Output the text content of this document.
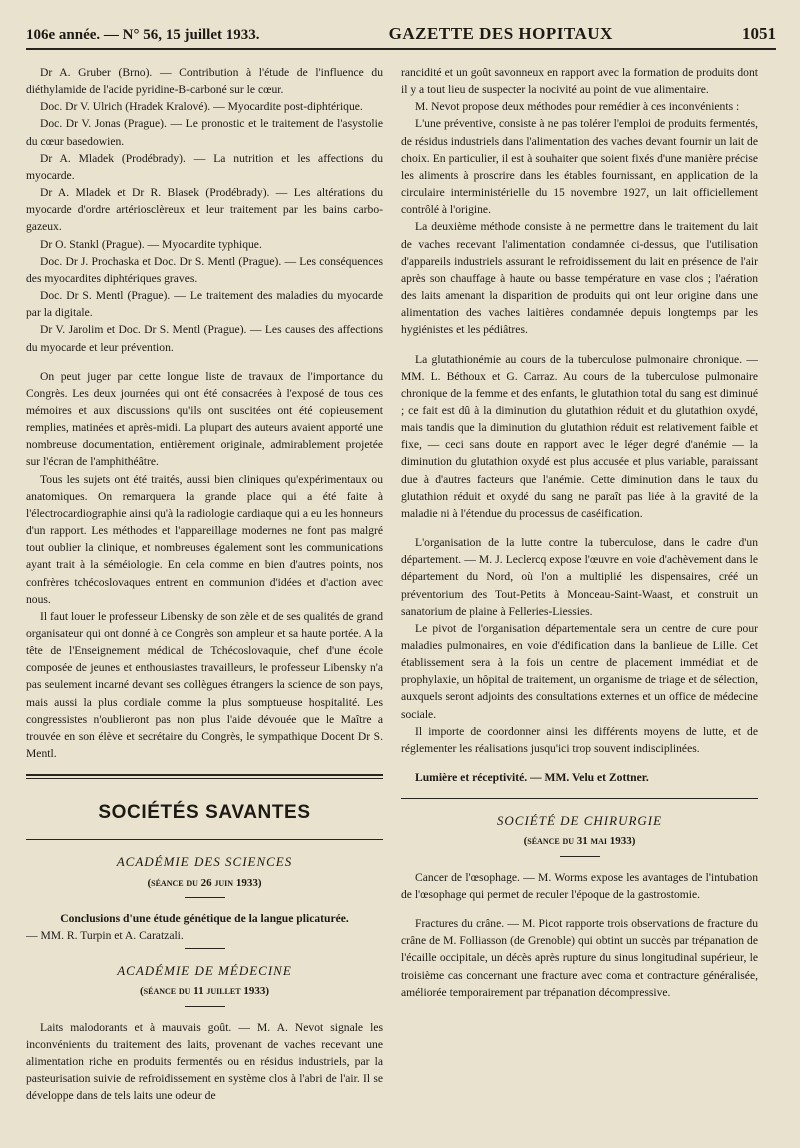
106e année. — N° 56, 15 juillet 1933.	GAZETTE DES HOPITAUX	1051

Dr A. Gruber (Brno). — Contribution à l'étude de l'influence du diéthylamide de l'acide pyridine-B-carboné sur le cœur.

Doc. Dr V. Ulrich (Hradek Kralové). — Myocardite post-diphtérique.

Doc. Dr V. Jonas (Prague). — Le pronostic et le traitement de l'asystolie du cœur basedowien.

Dr A. Mladek (Prodébrady). — La nutrition et les affections du myocarde.

Dr A. Mladek et Dr R. Blasek (Prodébrady). — Les altérations du myocarde d'ordre artériosclèreux et leur traitement par les bains carbo-gazeux.

Dr O. Stankl (Prague). — Myocardite typhique.

Doc. Dr J. Prochaska et Doc. Dr S. Mentl (Prague). — Les conséquences des myocardites diphtériques graves.

Doc. Dr S. Mentl (Prague). — Le traitement des maladies du myocarde par la digitale.

Dr V. Jarolim et Doc. Dr S. Mentl (Prague). — Les causes des affections du myocarde et leur prévention.

On peut juger par cette longue liste de travaux de l'importance du Congrès. Les deux journées qui ont été consacrées à l'exposé de tous ces mémoires et aux discussions qu'ils ont suscitées ont été copieusement remplies, matinées et après-midi. La plupart des auteurs avaient apporté une nombreuse documentation, entièrement originale, admirablement projetée sur l'écran de l'amphithéâtre.

Tous les sujets ont été traités, aussi bien cliniques qu'expérimentaux ou anatomiques. On remarquera la grande place qui a été faite à l'électrocardiographie ainsi qu'à la radiologie cardiaque qui a eu les honneurs d'un rapport. Les méthodes et l'appareillage modernes ne font pas malgré tout oublier la clinique, et nombreuses également sont les communications ayant trait à la séméiologie. En cela comme en bien d'autres points, nos confrères tchécoslovaques entrent en communion d'idées et d'action avec nous.

Il faut louer le professeur Libensky de son zèle et de ses qualités de grand organisateur qui ont donné à ce Congrès son ampleur et sa haute portée. A la tête de l'Enseignement médical de Tchécoslovaquie, chef d'une école composée de jeunes et enthousiastes travailleurs, le professeur Libensky n'a pas seulement incarné devant ses collègues étrangers la science de son pays, mais aussi la plus cordiale comme la plus somptueuse hospitalité. Les congressistes n'oublieront pas non plus l'aide dévouée que le Maître a trouvée en son élève et secrétaire du Congrès, le sympathique Docent Dr S. Mentl.

SOCIÉTÉS SAVANTES
ACADÉMIE DES SCIENCES
(séance du 26 juin 1933)

Conclusions d'une étude génétique de la langue plicaturée.

— MM. R. Turpin et A. Caratzali.

ACADÉMIE DE MÉDECINE
(séance du 11 juillet 1933)

Laits malodorants et à mauvais goût. — M. A. Nevot signale les inconvénients du traitement des laits, provenant de vaches recevant une alimentation riche en produits fermentés ou en résidus industriels, par la pasteurisation suivie de refroidissement en système clos à l'abri de l'air. Il se développe dans de tels laits une odeur de

rancidité et un goût savonneux en rapport avec la formation de produits dont il y a tout lieu de suspecter la nocivité au point de vue alimentaire.

M. Nevot propose deux méthodes pour remédier à ces inconvénients :

L'une préventive, consiste à ne pas tolérer l'emploi de produits fermentés, de résidus industriels dans l'alimentation des vaches devant fournir un lait de choix. En particulier, il est à souhaiter que soient fixés d'une manière précise les aliments à proscrire dans les étables fournissant, en application de la circulaire interministérielle du 15 novembre 1927, un lait officiellement contrôlé à l'origine.

La deuxième méthode consiste à ne permettre dans le traitement du lait de vaches recevant l'alimentation condamnée ci-dessus, que l'utilisation d'appareils industriels assurant le refroidissement du lait en présence de l'air après son chauffage à haute ou basse température en vase clos ; l'aération des laits amenant la disparition de produits qui ont leur origine dans une alimentation des vaches laitières condamnée depuis longtemps par les hygiénistes et les pédiâtres.

La glutathionémie au cours de la tuberculose pulmonaire chronique. — MM. L. Béthoux et G. Carraz. Au cours de la tuberculose pulmonaire chronique de la femme et des enfants, le glutathion total du sang est diminué ; ce fait est dû à la diminution du glutathion réduit et du glutathion oxydé, mais tandis que la diminution du glutathion réduit est relativement faible et fixe, — ceci sans doute en rapport avec le léger degré d'anémie — la diminution du glutathion oxydé est plus accusée et plus variable, paraissant due à d'autres facteurs que l'anémie. Cette diminution dans le taux du glutathion réduit et oxydé du sang ne paraît pas liée à la gravité de la maladie ni à l'étendue du processus de caséification.

L'organisation de la lutte contre la tuberculose, dans le cadre d'un département. — M. J. Leclercq expose l'œuvre en voie d'achèvement dans le département du Nord, où l'on a multiplié les dispensaires, créé un préventorium des Tout-Petits à Monceau-Saint-Waast, et construit un sanatorium de plaine à Felleries-Liessies.

Le pivot de l'organisation départementale sera un centre de cure pour maladies pulmonaires, en voie d'édification dans la banlieue de Lille. Cet établissement sera à la fois un centre de placement immédiat et de prophylaxie, un hôpital de traitement, un organisme de triage et de sélection, auxquels seront adjoints des consultations externes et un office de médecine sociale.

Il importe de coordonner ainsi les différents moyens de lutte, et de réglementer les réalisations jusqu'ici trop souvent indisciplinées.

Lumière et réceptivité. — MM. Velu et Zottner.

SOCIÉTÉ DE CHIRURGIE
(séance du 31 mai 1933)

Cancer de l'œsophage. — M. Worms expose les avantages de l'intubation de l'œsophage qui permet de reculer l'époque de la gastrostomie.

Fractures du crâne. — M. Picot rapporte trois observations de fracture du crâne de M. Folliasson (de Grenoble) qui obtint un succès par trépanation de l'écaille occipitale, un décès après rupture du sinus longitudinal supérieur, le troisième cas concernant une fracture avec coma et contracture généralisée, améliorée temporairement par trépanation décompressive.
